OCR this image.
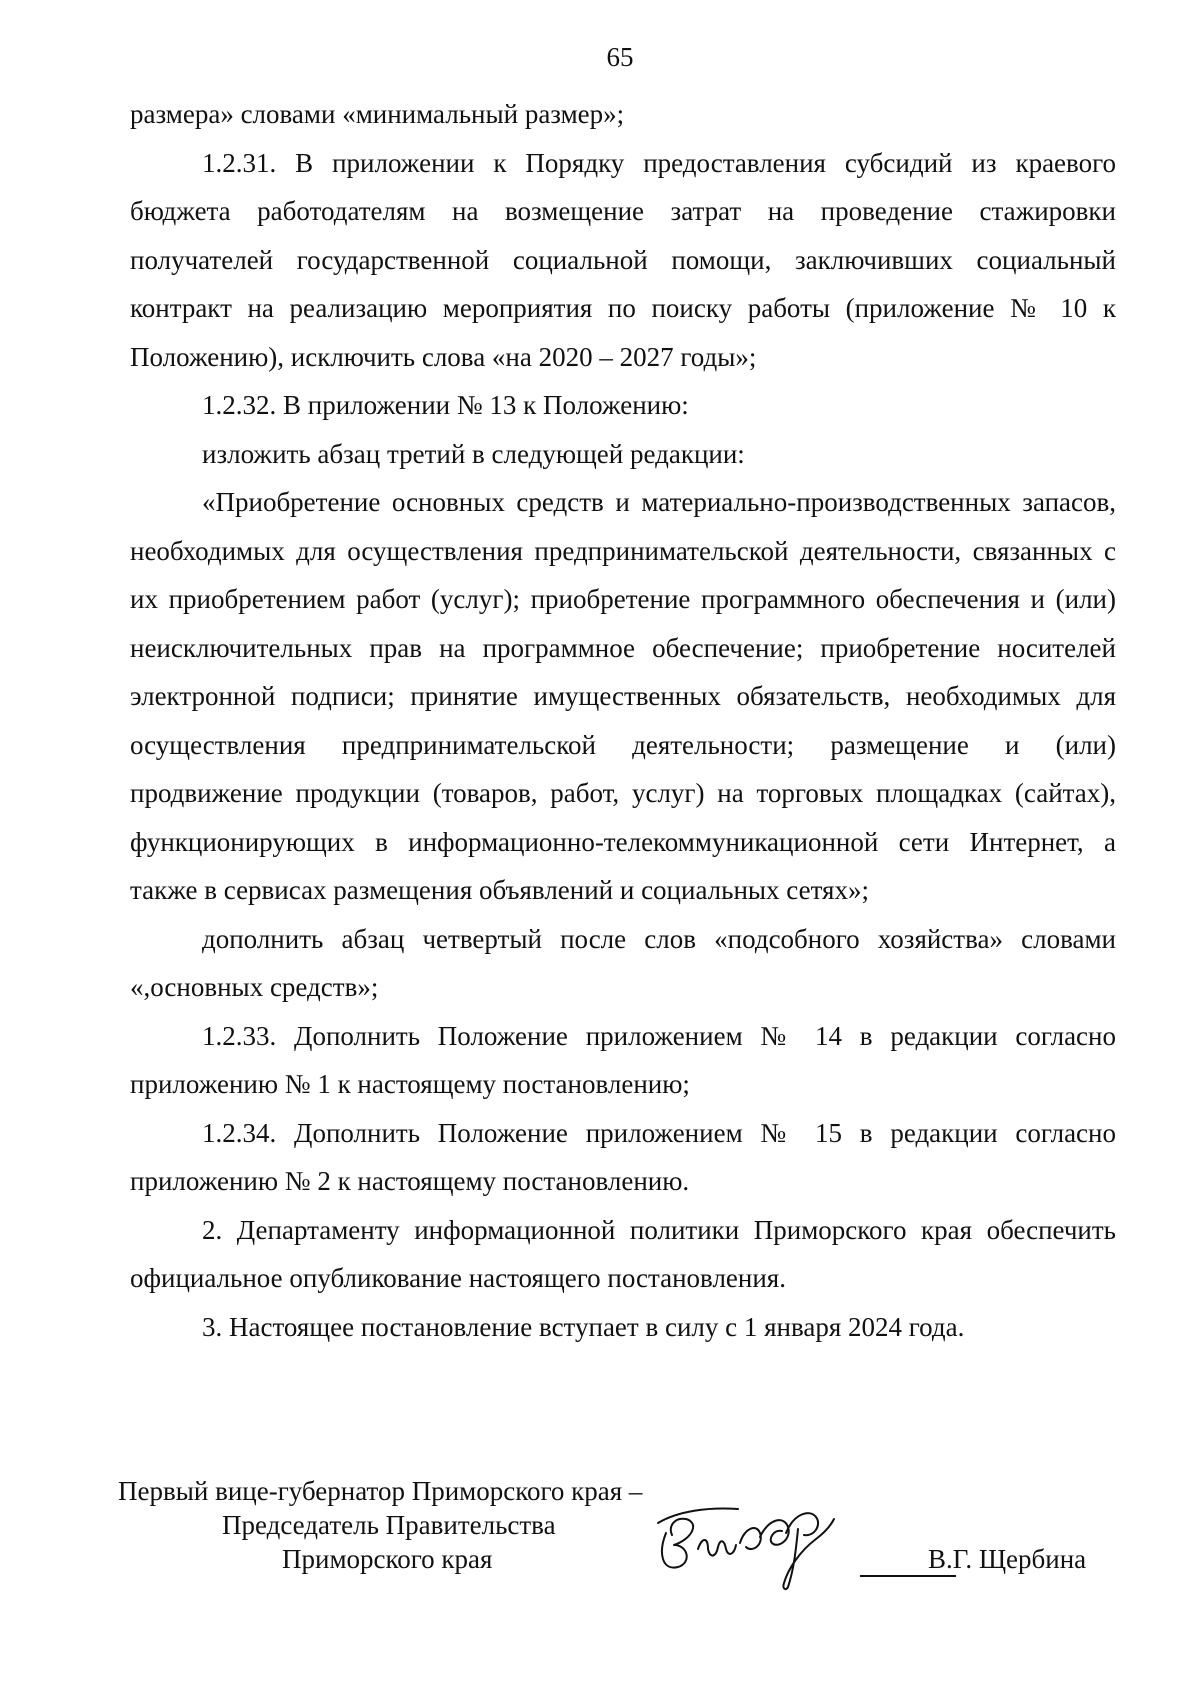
65

размера» словами «минимальный размер»;

1.2.31. В приложении к Порядку предоставления субсидий из краевого бюджета работодателям на возмещение затрат на проведение стажировки получателей государственной социальной помощи, заключивших социальный контракт на реализацию мероприятия по поиску работы (приложение № 10 к Положению), исключить слова «на 2020 – 2027 годы»;

1.2.32. В приложении № 13 к Положению:

изложить абзац третий в следующей редакции:

«Приобретение основных средств и материально-производственных запасов, необходимых для осуществления предпринимательской деятельности, связанных с их приобретением работ (услуг); приобретение программного обеспечения и (или) неисключительных прав на программное обеспечение; приобретение носителей электронной подписи; принятие имущественных обязательств, необходимых для осуществления предпринимательской деятельности; размещение и (или) продвижение продукции (товаров, работ, услуг) на торговых площадках (сайтах), функционирующих в информационно-телекоммуникационной сети Интернет, а также в сервисах размещения объявлений и социальных сетях»;

дополнить абзац четвертый после слов «подсобного хозяйства» словами «,основных средств»;

1.2.33. Дополнить Положение приложением № 14 в редакции согласно приложению № 1 к настоящему постановлению;

1.2.34. Дополнить Положение приложением № 15 в редакции согласно приложению № 2 к настоящему постановлению.

2. Департаменту информационной политики Приморского края обеспечить официальное опубликование настоящего постановления.

3. Настоящее постановление вступает в силу с 1 января 2024 года.

Первый вице-губернатор Приморского края –
Председатель Правительства
Приморского края	В.Г. Щербина
